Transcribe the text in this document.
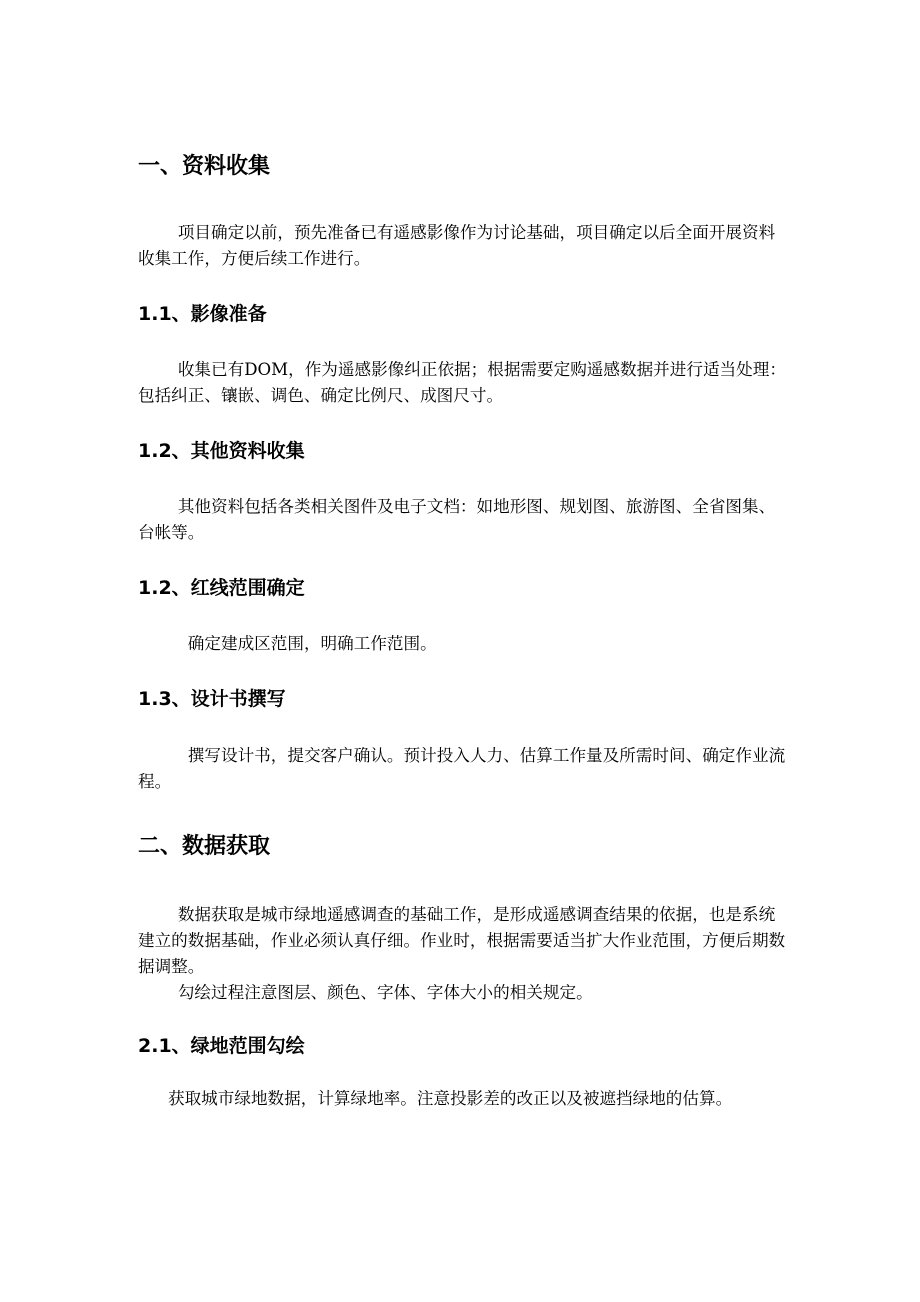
一、资料收集
项目确定以前，预先准备已有遥感影像作为讨论基础，项目确定以后全面开展资料收集工作，方便后续工作进行。
1.1、影像准备
收集已有DOM，作为遥感影像纠正依据；根据需要定购遥感数据并进行适当处理：包括纠正、镶嵌、调色、确定比例尺、成图尺寸。
1.2、其他资料收集
其他资料包括各类相关图件及电子文档：如地形图、规划图、旅游图、全省图集、台帐等。
1.2、红线范围确定
确定建成区范围，明确工作范围。
1.3、设计书撰写
撰写设计书，提交客户确认。预计投入人力、估算工作量及所需时间、确定作业流程。
二、数据获取
数据获取是城市绿地遥感调查的基础工作，是形成遥感调查结果的依据，也是系统建立的数据基础，作业必须认真仔细。作业时，根据需要适当扩大作业范围，方便后期数据调整。
勾绘过程注意图层、颜色、字体、字体大小的相关规定。
2.1、绿地范围勾绘
获取城市绿地数据，计算绿地率。注意投影差的改正以及被遮挡绿地的估算。
